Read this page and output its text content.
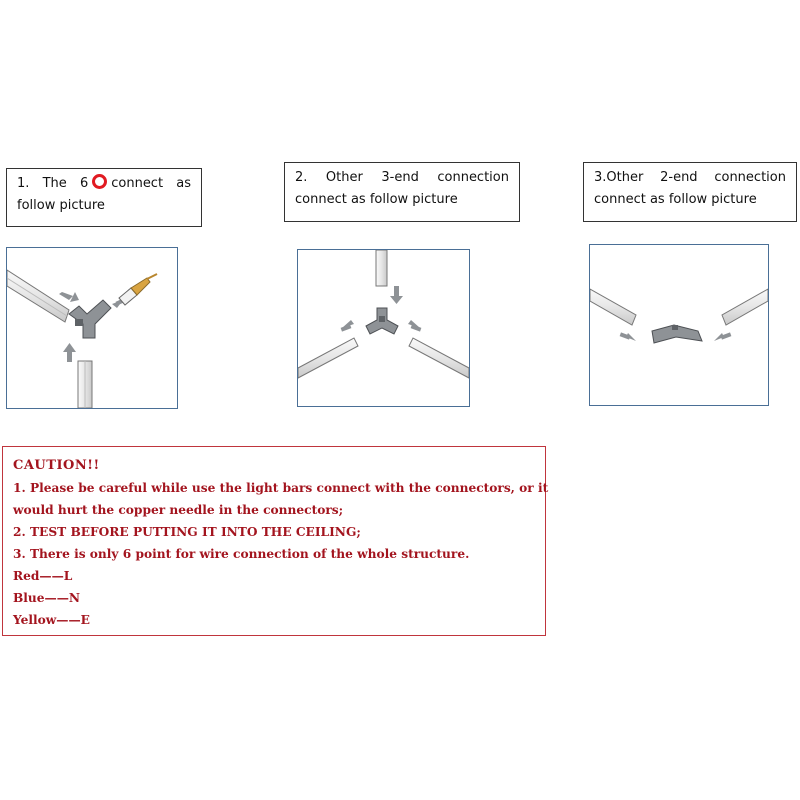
1. The 6 connect as
follow picture
2. Other 3-end connection
connect as follow picture
3.Other 2-end connection
connect as follow picture
CAUTION!!
1. Please be careful while use the light bars connect with the connectors, or it
would hurt the copper needle in the connectors;
2. TEST BEFORE PUTTING IT INTO THE CEILING;
3. There is only 6 point for wire connection of the whole structure.
Red——L
Blue——N
Yellow——E
